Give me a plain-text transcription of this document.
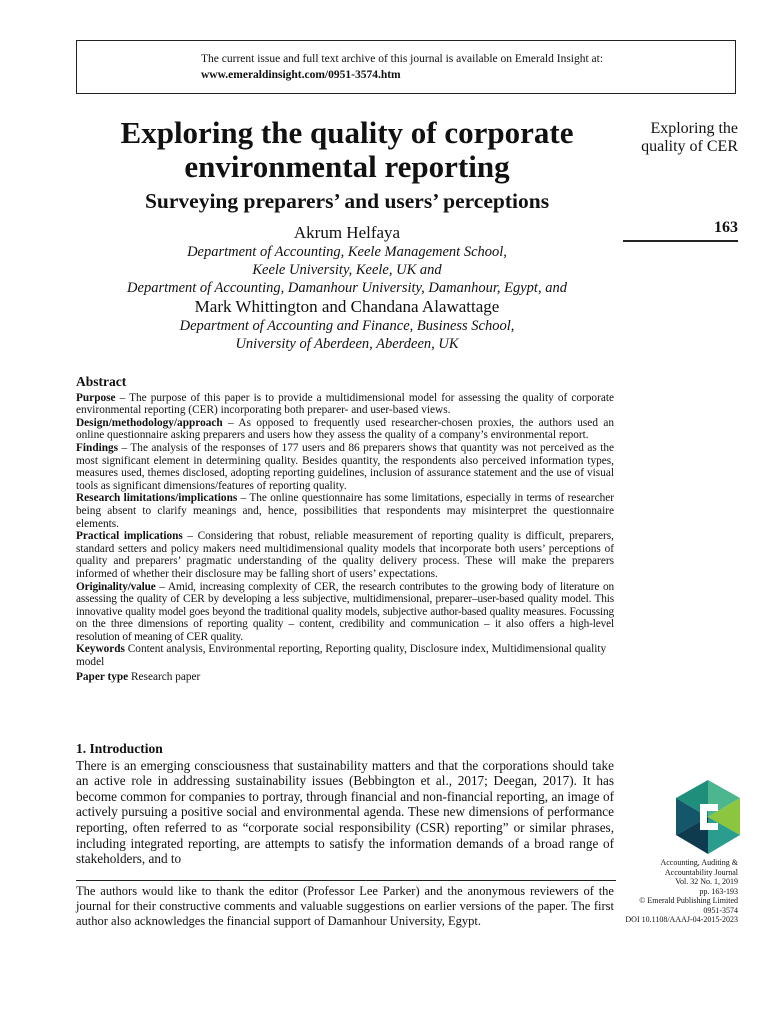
The current issue and full text archive of this journal is available on Emerald Insight at:
www.emeraldinsight.com/0951-3574.htm
Exploring the quality of corporate
environmental reporting
Surveying preparers’ and users’ perceptions
Akrum Helfaya
Department of Accounting, Keele Management School,
Keele University, Keele, UK and
Department of Accounting, Damanhour University, Damanhour, Egypt, and
Mark Whittington and Chandana Alawattage
Department of Accounting and Finance, Business School,
University of Aberdeen, Aberdeen, UK
Exploring the
quality of CER
163
Abstract

Purpose – The purpose of this paper is to provide a multidimensional model for assessing the quality of corporate environmental reporting (CER) incorporating both preparer- and user-based views.

Design/methodology/approach – As opposed to frequently used researcher-chosen proxies, the authors used an online questionnaire asking preparers and users how they assess the quality of a company’s environmental report.

Findings – The analysis of the responses of 177 users and 86 preparers shows that quantity was not perceived as the most significant element in determining quality. Besides quantity, the respondents also perceived information types, measures used, themes disclosed, adopting reporting guidelines, inclusion of assurance statement and the use of visual tools as significant dimensions/features of reporting quality.

Research limitations/implications – The online questionnaire has some limitations, especially in terms of researcher being absent to clarify meanings and, hence, possibilities that respondents may misinterpret the questionnaire elements.

Practical implications – Considering that robust, reliable measurement of reporting quality is difficult, preparers, standard setters and policy makers need multidimensional quality models that incorporate both users’ perceptions of quality and preparers’ pragmatic understanding of the quality delivery process. These will make the preparers informed of whether their disclosure may be falling short of users’ expectations.

Originality/value – Amid, increasing complexity of CER, the research contributes to the growing body of literature on assessing the quality of CER by developing a less subjective, multidimensional, preparer–user-based quality model. This innovative quality model goes beyond the traditional quality models, subjective author-based quality measures. Focussing on the three dimensions of reporting quality – content, credibility and communication – it also offers a high-level resolution of meaning of CER quality.

Keywords Content analysis, Environmental reporting, Reporting quality, Disclosure index, Multidimensional quality model

Paper type Research paper

1. Introduction

There is an emerging consciousness that sustainability matters and that the corporations should take an active role in addressing sustainability issues (Bebbington et al., 2017; Deegan, 2017). It has become common for companies to portray, through financial and non-financial reporting, an image of actively pursuing a positive social and environmental agenda. These new dimensions of performance reporting, often referred to as “corporate social responsibility (CSR) reporting” or similar phrases, including integrated reporting, are attempts to satisfy the information demands of a broad range of stakeholders, and to

The authors would like to thank the editor (Professor Lee Parker) and the anonymous reviewers of the journal for their constructive comments and valuable suggestions on earlier versions of the paper. The first author also acknowledges the financial support of Damanhour University, Egypt.
Accounting, Auditing &
Accountability Journal
Vol. 32 No. 1, 2019
pp. 163-193
© Emerald Publishing Limited
0951-3574
DOI 10.1108/AAAJ-04-2015-2023
